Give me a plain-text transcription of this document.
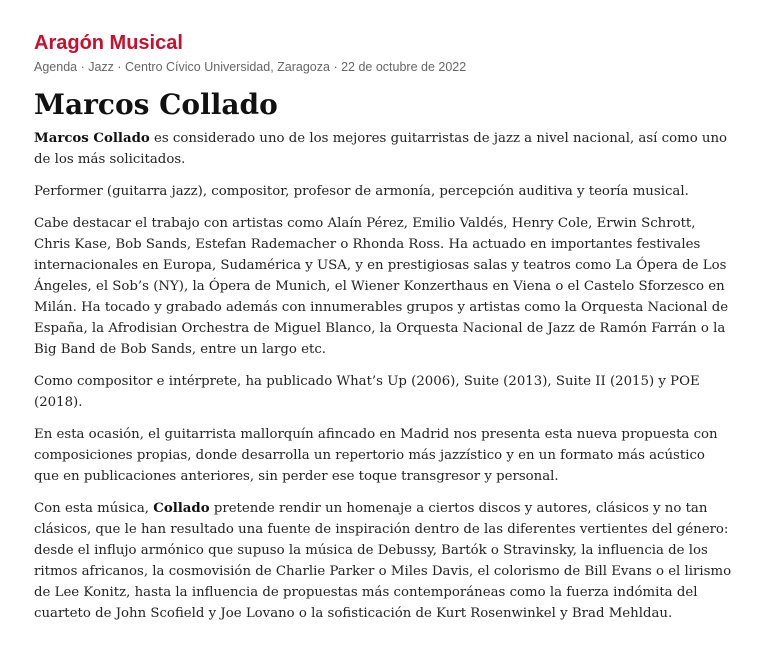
Aragón Musical
Agenda · Jazz · Centro Cívico Universidad, Zaragoza · 22 de octubre de 2022
Marcos Collado

Marcos Collado es considerado uno de los mejores guitarristas de jazz a nivel nacional, así como uno de los más solicitados.

Performer (guitarra jazz), compositor, profesor de armonía, percepción auditiva y teoría musical.

Cabe destacar el trabajo con artistas como Alaín Pérez, Emilio Valdés, Henry Cole, Erwin Schrott, Chris Kase, Bob Sands, Estefan Rademacher o Rhonda Ross. Ha actuado en importantes festivales internacionales en Europa, Sudamérica y USA, y en prestigiosas salas y teatros como La Ópera de Los Ángeles, el Sob’s (NY), la Ópera de Munich, el Wiener Konzerthaus en Viena o el Castelo Sforzesco en Milán. Ha tocado y grabado además con innumerables grupos y artistas como la Orquesta Nacional de España, la Afrodisian Orchestra de Miguel Blanco, la Orquesta Nacional de Jazz de Ramón Farrán o la Big Band de Bob Sands, entre un largo etc.

Como compositor e intérprete, ha publicado What’s Up (2006), Suite (2013), Suite II (2015) y POE (2018).

En esta ocasión, el guitarrista mallorquín afincado en Madrid nos presenta esta nueva propuesta con composiciones propias, donde desarrolla un repertorio más jazzístico y en un formato más acústico que en publicaciones anteriores, sin perder ese toque transgresor y personal.

Con esta música, Collado pretende rendir un homenaje a ciertos discos y autores, clásicos y no tan clásicos, que le han resultado una fuente de inspiración dentro de las diferentes vertientes del género: desde el influjo armónico que supuso la música de Debussy, Bartók o Stravinsky, la influencia de los ritmos africanos, la cosmovisión de Charlie Parker o Miles Davis, el colorismo de Bill Evans o el lirismo de Lee Konitz, hasta la influencia de propuestas más contemporáneas como la fuerza indómita del cuarteto de John Scofield y Joe Lovano o la sofisticación de Kurt Rosenwinkel y Brad Mehldau.
